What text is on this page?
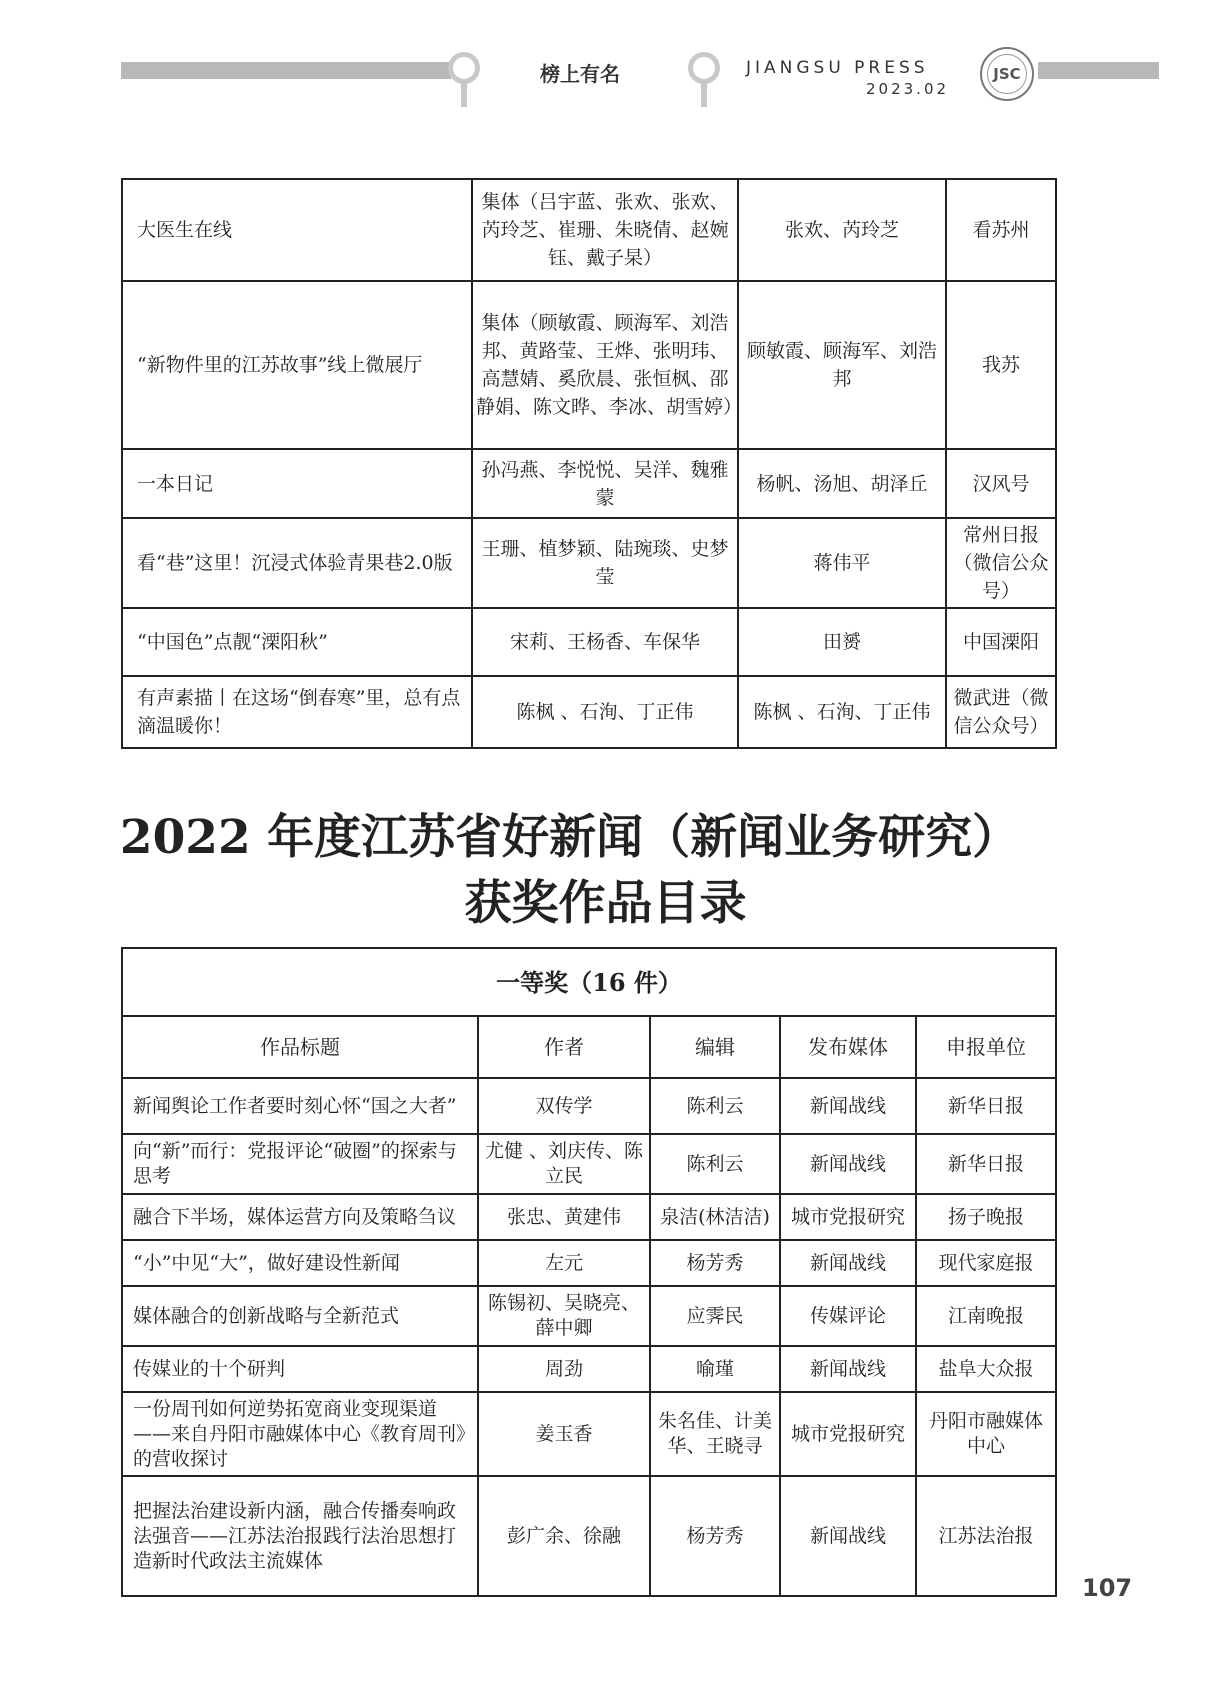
榜上有名	JIANGSU PRESS
2023.02
JSC
大医生在线	集体（吕宇蓝、张欢、张欢、芮玲芝、崔珊、朱晓倩、赵婉钰、戴子杲）	张欢、芮玲芝	看苏州
“新物件里的江苏故事”线上微展厅	集体（顾敏霞、顾海军、刘浩邦、黄路莹、王烨、张明玮、高慧婧、奚欣晨、张恒枫、邵静娟、陈文晔、李冰、胡雪婷）	顾敏霞、顾海军、刘浩邦	我苏
一本日记	孙冯燕、李悦悦、吴洋、魏雅蒙	杨帆、汤旭、胡泽丘	汉风号
看“巷”这里！沉浸式体验青果巷2.0版	王珊、植梦颖、陆琬琰、史梦莹	蒋伟平	常州日报（微信公众号）
“中国色”点靓“溧阳秋”	宋莉、王杨香、车保华	田赟	中国溧阳
有声素描丨在这场“倒春寒”里，总有点滴温暖你！	陈枫 、石洵、丁正伟	陈枫 、石洵、丁正伟	微武进（微信公众号）
2022 年度江苏省好新闻（新闻业务研究）
获奖作品目录
一等奖（16 件）				
作品标题	作者	编辑	发布媒体	申报单位
新闻舆论工作者要时刻心怀“国之大者”	双传学	陈利云	新闻战线	新华日报
向“新”而行：党报评论“破圈”的探索与思考	尤健 、刘庆传、陈立民	陈利云	新闻战线	新华日报
融合下半场，媒体运营方向及策略刍议	张忠、黄建伟	泉洁(林洁洁)	城市党报研究	扬子晚报
“小”中见“大”，做好建设性新闻	左元	杨芳秀	新闻战线	现代家庭报
媒体融合的创新战略与全新范式	陈锡初、吴晓亮、薛中卿	应霁民	传媒评论	江南晚报
传媒业的十个研判	周劲	喻瑾	新闻战线	盐阜大众报
一份周刊如何逆势拓宽商业变现渠道——来自丹阳市融媒体中心《教育周刊》的营收探讨	姜玉香	朱名佳、计美华、王晓寻	城市党报研究	丹阳市融媒体中心
把握法治建设新内涵，融合传播奏响政法强音——江苏法治报践行法治思想打造新时代政法主流媒体	彭广余、徐融	杨芳秀	新闻战线	江苏法治报
107
